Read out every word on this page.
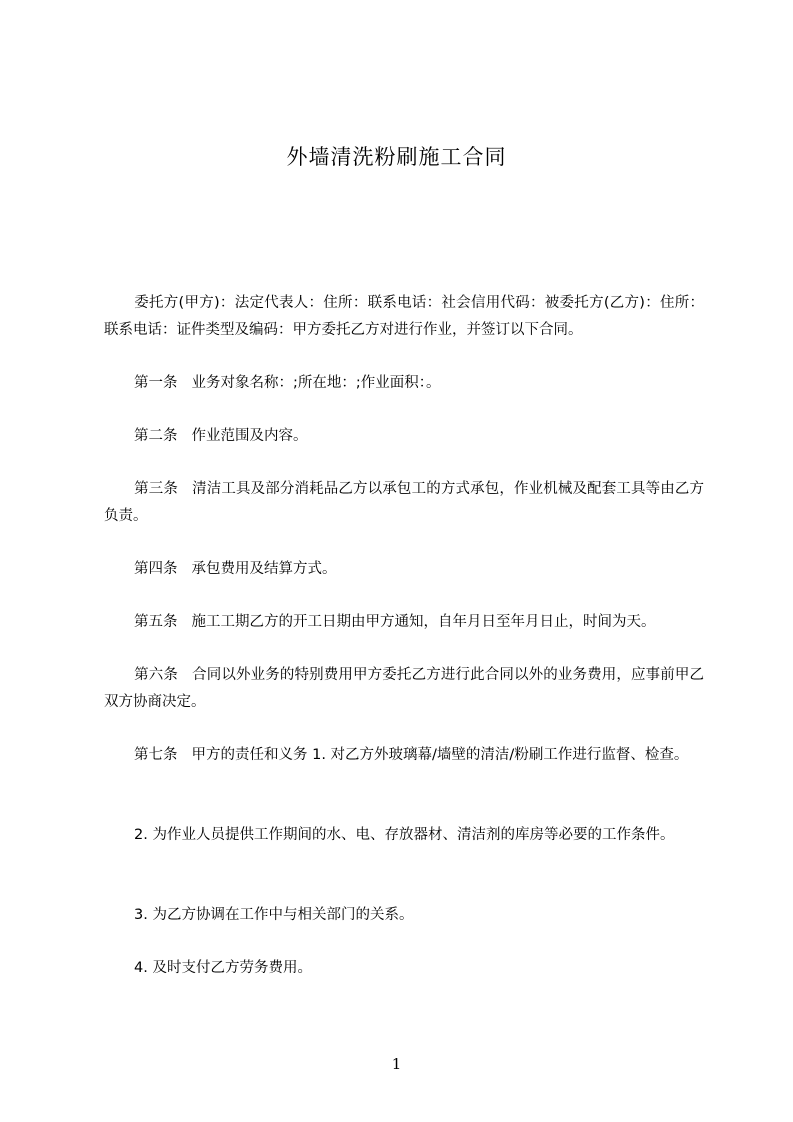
外墙清洗粉刷施工合同

委托方(甲方)：法定代表人：住所：联系电话：社会信用代码：被委托方(乙方)：住所：联系电话：证件类型及编码：甲方委托乙方对进行作业，并签订以下合同。

第一条 业务对象名称：;所在地：;作业面积：。

第二条 作业范围及内容。

第三条 清洁工具及部分消耗品乙方以承包工的方式承包，作业机械及配套工具等由乙方负责。

第四条 承包费用及结算方式。

第五条 施工工期乙方的开工日期由甲方通知，自年月日至年月日止，时间为天。

第六条 合同以外业务的特别费用甲方委托乙方进行此合同以外的业务费用，应事前甲乙双方协商决定。

第七条 甲方的责任和义务 1. 对乙方外玻璃幕/墙壁的清洁/粉刷工作进行监督、检查。

2. 为作业人员提供工作期间的水、电、存放器材、清洁剂的库房等必要的工作条件。

3. 为乙方协调在工作中与相关部门的关系。

4. 及时支付乙方劳务费用。

1
